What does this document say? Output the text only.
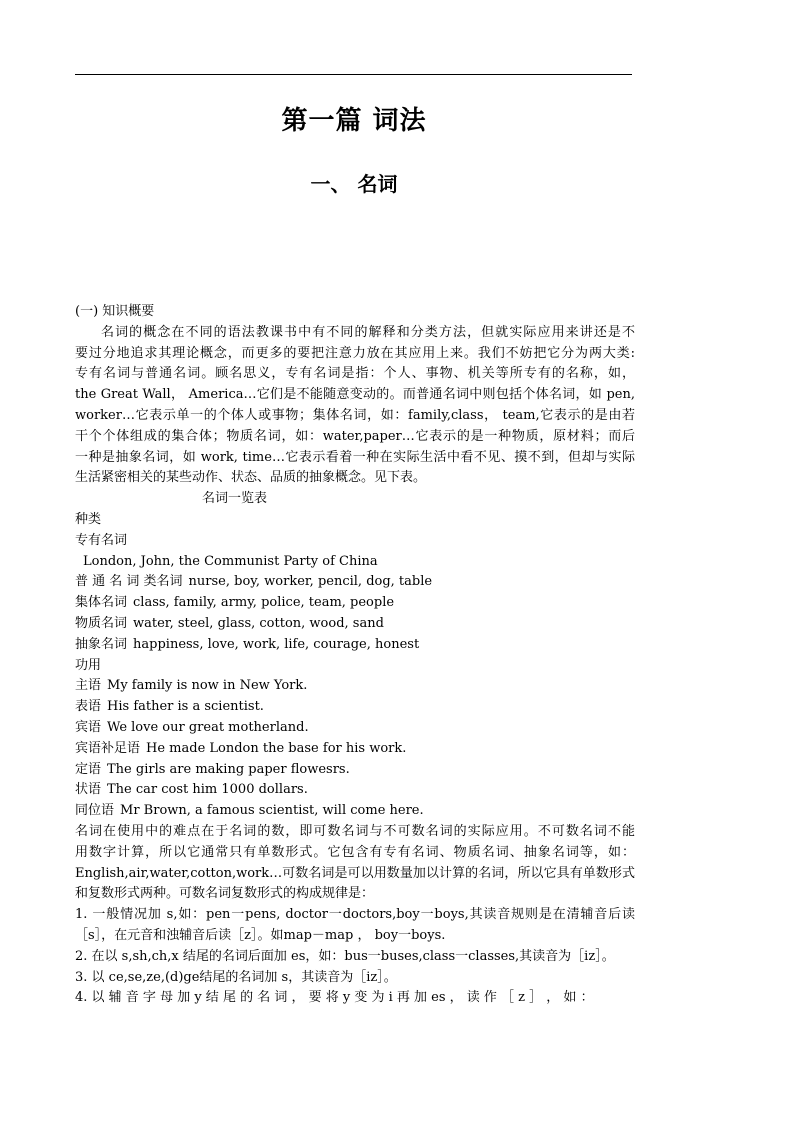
第一篇 词法
一、 名词
(一) 知识概要
名词的概念在不同的语法教课书中有不同的解释和分类方法，但就实际应用来讲还是不
要过分地追求其理论概念，而更多的要把注意力放在其应用上来。我们不妨把它分为两大类:
专有名词与普通名词。顾名思义，专有名词是指：个人、事物、机关等所专有的名称，如，
the Great Wall， America…它们是不能随意变动的。而普通名词中则包括个体名词，如 pen,
worker…它表示单一的个体人或事物；集体名词，如：family,class， team,它表示的是由若
干个个体组成的集合体；物质名词，如：water,paper…它表示的是一种物质，原材料；而后
一种是抽象名词，如 work, time…它表示看着一种在实际生活中看不见、摸不到，但却与实际
生活紧密相关的某些动作、状态、品质的抽象概念。见下表。
名词一览表
种类
专有名词
London, John, the Communist Party of China
普 通 名 词 类名词 nurse, boy, worker, pencil, dog, table
集体名词 class, family, army, police, team, people
物质名词 water, steel, glass, cotton, wood, sand
抽象名词 happiness, love, work, life, courage, honest
功用
主语 My family is now in New York.
表语 His father is a scientist.
宾语 We love our great motherland.
宾语补足语 He made London the base for his work.
定语 The girls are making paper flowesrs.
状语 The car cost him 1000 dollars.
同位语 Mr Brown, a famous scientist, will come here.
名词在使用中的难点在于名词的数，即可数名词与不可数名词的实际应用。不可数名词不能
用数字计算，所以它通常只有单数形式。它包含有专有名词、物质名词、抽象名词等，如：
English,air,water,cotton,work…可数名词是可以用数量加以计算的名词，所以它具有单数形式
和复数形式两种。可数名词复数形式的构成规律是：
1. 一般情况加 s,如：pen一pens, doctor一doctors,boy一boys,其读音规则是在清辅音后读
［s］，在元音和浊辅音后读［z］。如map－map ， boy一boys.
2. 在以 s,sh,ch,x 结尾的名词后面加 es，如：bus一buses,class一classes,其读音为［iz］。
3. 以 ce,se,ze,(d)ge结尾的名词加 s，其读音为［iz］。
4. 以 辅 音 字 母 加 y 结 尾 的 名 词 ， 要 将 y 变 为 i 再 加 es ， 读 作 ［ z ］ ， 如 ：
